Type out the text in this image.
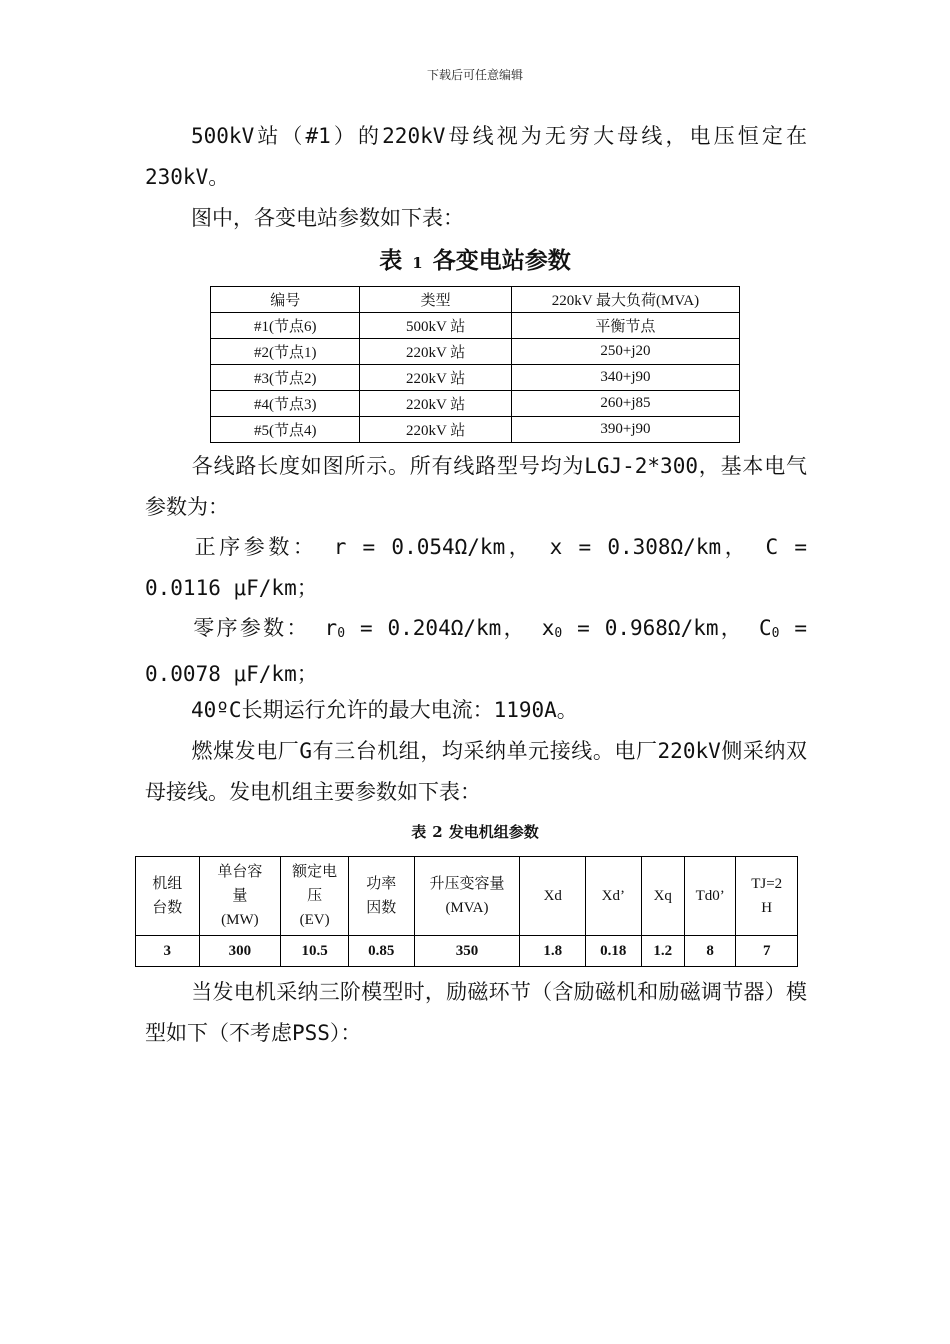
下载后可任意编辑

500kV站（#1）的220kV母线视为无穷大母线，电压恒定在230kV。

图中，各变电站参数如下表：

表 1 各变电站参数

编号	类型	220kV 最大负荷(MVA)
#1(节点6)	500kV 站	平衡节点
#2(节点1)	220kV 站	250+j20
#3(节点2)	220kV 站	340+j90
#4(节点3)	220kV 站	260+j85
#5(节点4)	220kV 站	390+j90

各线路长度如图所示。所有线路型号均为LGJ-2*300，基本电气参数为：

正序参数： r = 0.054Ω/km， x = 0.308Ω/km， C = 0.0116 μF/km；

零序参数： $r_0 = 0.204\Omega/km$， $x_0 = 0.968\Omega/km$， $C_0 = 0.0078$ μF/km；

40ºC长期运行允许的最大电流：1190A。

燃煤发电厂G有三台机组，均采纳单元接线。电厂220kV侧采纳双母接线。发电机组主要参数如下表：

表 2 发电机组参数

机组
台数	单台容
量
(MW)	额定电
压
(EV)	功率
因数	升压变容量
(MVA)	Xd	Xd’	Xq	Td0’	TJ=2
H
3	300	10.5	0.85	350	1.8	0.18	1.2	8	7

当发电机采纳三阶模型时，励磁环节（含励磁机和励磁调节器）模型如下（不考虑PSS）：
